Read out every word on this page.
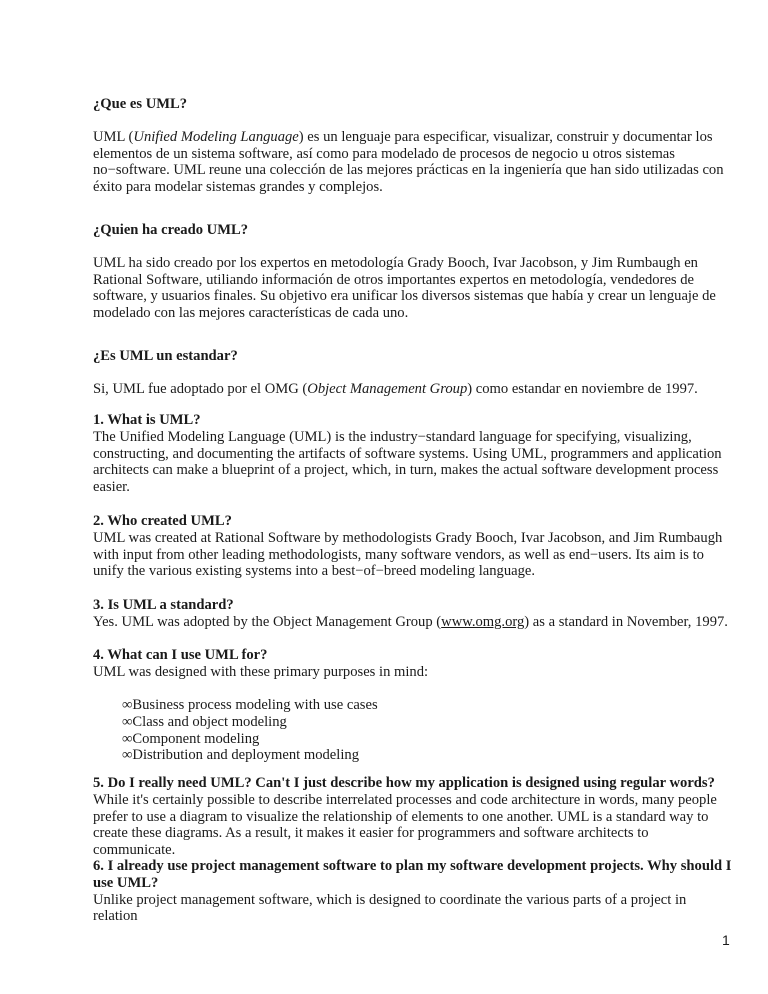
¿Que es UML?

UML (Unified Modeling Language) es un lenguaje para especificar, visualizar, construir y documentar los elementos de un sistema software, así como para modelado de procesos de negocio u otros sistemas no−software. UML reune una colección de las mejores prácticas en la ingeniería que han sido utilizadas con éxito para modelar sistemas grandes y complejos.

¿Quien ha creado UML?

UML ha sido creado por los expertos en metodología Grady Booch, Ivar Jacobson, y Jim Rumbaugh en Rational Software, utiliando información de otros importantes expertos en metodología, vendedores de software, y usuarios finales. Su objetivo era unificar los diversos sistemas que había y crear un lenguaje de modelado con las mejores características de cada uno.

¿Es UML un estandar?

Si, UML fue adoptado por el OMG (Object Management Group) como estandar en noviembre de 1997.

1. What is UML?

The Unified Modeling Language (UML) is the industry−standard language for specifying, visualizing, constructing, and documenting the artifacts of software systems. Using UML, programmers and application architects can make a blueprint of a project, which, in turn, makes the actual software development process easier.

2. Who created UML?

UML was created at Rational Software by methodologists Grady Booch, Ivar Jacobson, and Jim Rumbaugh with input from other leading methodologists, many software vendors, as well as end−users. Its aim is to unify the various existing systems into a best−of−breed modeling language.

3. Is UML a standard?

Yes. UML was adopted by the Object Management Group (www.omg.org) as a standard in November, 1997.

4. What can I use UML for?

UML was designed with these primary purposes in mind:

∞Business process modeling with use cases
∞Class and object modeling
∞Component modeling
∞Distribution and deployment modeling

5. Do I really need UML? Can't I just describe how my application is designed using regular words?

While it's certainly possible to describe interrelated processes and code architecture in words, many people prefer to use a diagram to visualize the relationship of elements to one another. UML is a standard way to create these diagrams. As a result, it makes it easier for programmers and software architects to communicate.

6. I already use project management software to plan my software development projects. Why should I use UML?

Unlike project management software, which is designed to coordinate the various parts of a project in relation

1
